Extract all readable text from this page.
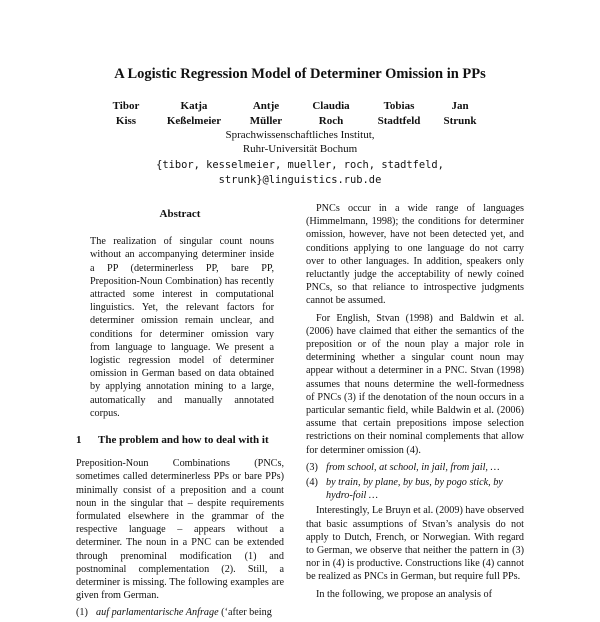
A Logistic Regression Model of Determiner Omission in PPs
Tibor
Kiss
Katja
Keßelmeier
Antje
Müller
Claudia
Roch
Tobias
Stadtfeld
Jan
Strunk
Sprachwissenschaftliches Institut,
Ruhr-Universität Bochum
{tibor, kesselmeier, mueller, roch, stadtfeld,
strunk}@linguistics.rub.de
Abstract
The realization of singular count nouns without an accompanying determiner inside a PP (determinerless PP, bare PP, Preposition-Noun Combination) has recently attracted some interest in computational linguistics. Yet, the relevant factors for determiner omission remain unclear, and conditions for determiner omission vary from language to language. We present a logistic regression model of determiner omission in German based on data obtained by applying annotation mining to a large, automatically and manually annotated corpus.
1 The problem and how to deal with it

Preposition-Noun Combinations (PNCs, sometimes called determinerless PPs or bare PPs) minimally consist of a preposition and a count noun in the singular that – despite requirements formulated elsewhere in the grammar of the respective language – appears without a determiner. The noun in a PNC can be extended through prenominal modification (1) and postnominal complementation (2). Still, a determiner is missing. The following examples are given from German.

(1) auf parlamentarische Anfrage (‘after being

PNCs occur in a wide range of languages (Himmelmann, 1998); the conditions for determiner omission, however, have not been detected yet, and conditions applying to one language do not carry over to other languages. In addition, speakers only reluctantly judge the acceptability of newly coined PNCs, so that reliance to introspective judgments cannot be assumed.

For English, Stvan (1998) and Baldwin et al. (2006) have claimed that either the semantics of the preposition or of the noun play a major role in determining whether a singular count noun may appear without a determiner in a PNC. Stvan (1998) assumes that nouns determine the well-formedness of PNCs (3) if the denotation of the noun occurs in a particular semantic field, while Baldwin et al. (2006) assume that certain prepositions impose selection restrictions on their nominal complements that allow for determiner omission (4).

(3) from school, at school, in jail, from jail, …
(4) by train, by plane, by bus, by pogo stick, by hydro-foil …

Interestingly, Le Bruyn et al. (2009) have observed that basic assumptions of Stvan’s analysis do not apply to Dutch, French, or Norwegian. With regard to German, we observe that neither the pattern in (3) nor in (4) is productive. Constructions like (4) cannot be realized as PNCs in German, but require full PPs.

In the following, we propose an analysis of
